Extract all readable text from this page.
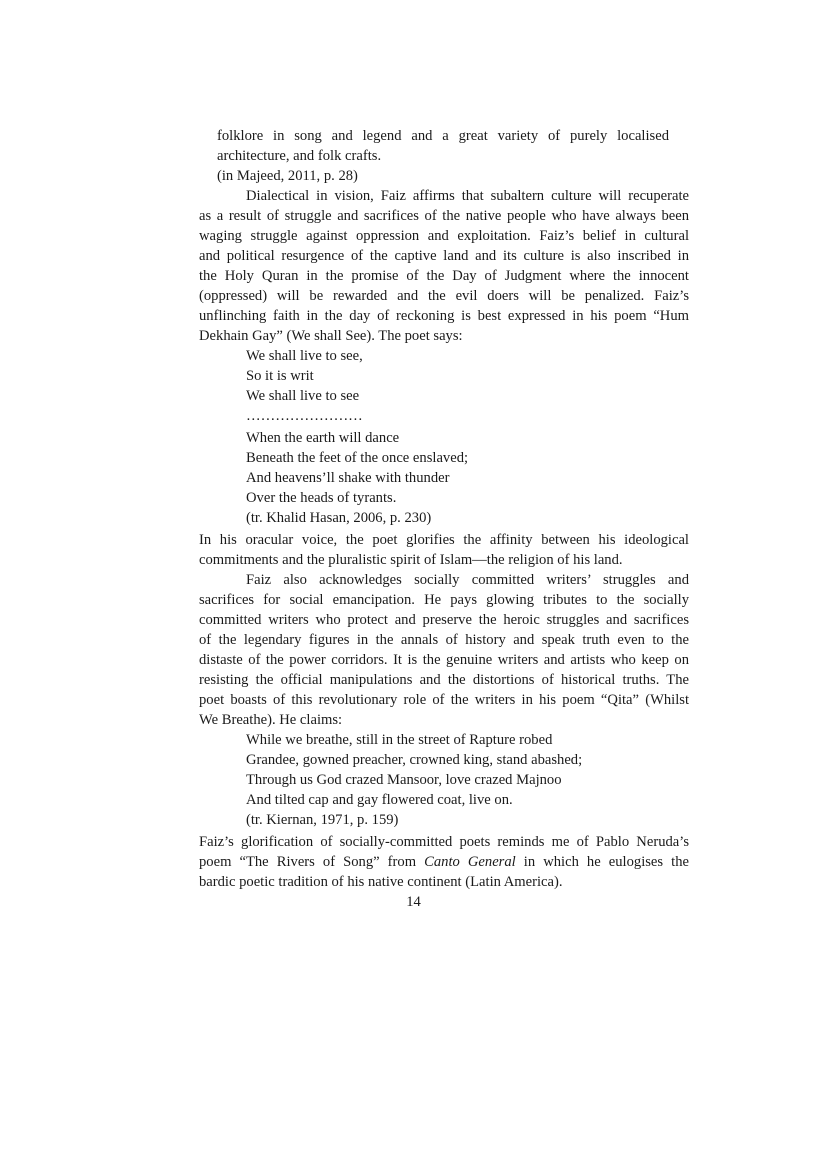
folklore in song and legend and a great variety of purely localised

architecture, and folk crafts.

(in Majeed, 2011, p. 28)

Dialectical in vision, Faiz affirms that subaltern culture will recuperate

as a result of struggle and sacrifices of the native people who have always been

waging struggle against oppression and exploitation. Faiz’s belief in cultural

and political resurgence of the captive land and its culture is also inscribed in

the Holy Quran in the promise of the Day of Judgment where the innocent

(oppressed) will be rewarded and the evil doers will be penalized. Faiz’s

unflinching faith in the day of reckoning is best expressed in his poem “Hum

Dekhain Gay” (We shall See). The poet says:

We shall live to see,

So it is writ

We shall live to see

……………………

When the earth will dance

Beneath the feet of the once enslaved;

And heavens’ll shake with thunder

Over the heads of tyrants.

(tr. Khalid Hasan, 2006, p. 230)

In his oracular voice, the poet glorifies the affinity between his ideological

commitments and the pluralistic spirit of Islam—the religion of his land.

Faiz also acknowledges socially committed writers’ struggles and

sacrifices for social emancipation. He pays glowing tributes to the socially

committed writers who protect and preserve the heroic struggles and sacrifices

of the legendary figures in the annals of history and speak truth even to the

distaste of the power corridors. It is the genuine writers and artists who keep on

resisting the official manipulations and the distortions of historical truths. The

poet boasts of this revolutionary role of the writers in his poem “Qita” (Whilst

We Breathe). He claims:

While we breathe, still in the street of Rapture robed

Grandee, gowned preacher, crowned king, stand abashed;

Through us God crazed Mansoor, love crazed Majnoo

And tilted cap and gay flowered coat, live on.

(tr. Kiernan, 1971, p. 159)

Faiz’s glorification of socially-committed poets reminds me of Pablo Neruda’s

poem “The Rivers of Song” from Canto General in which he eulogises the

bardic poetic tradition of his native continent (Latin America).

14
